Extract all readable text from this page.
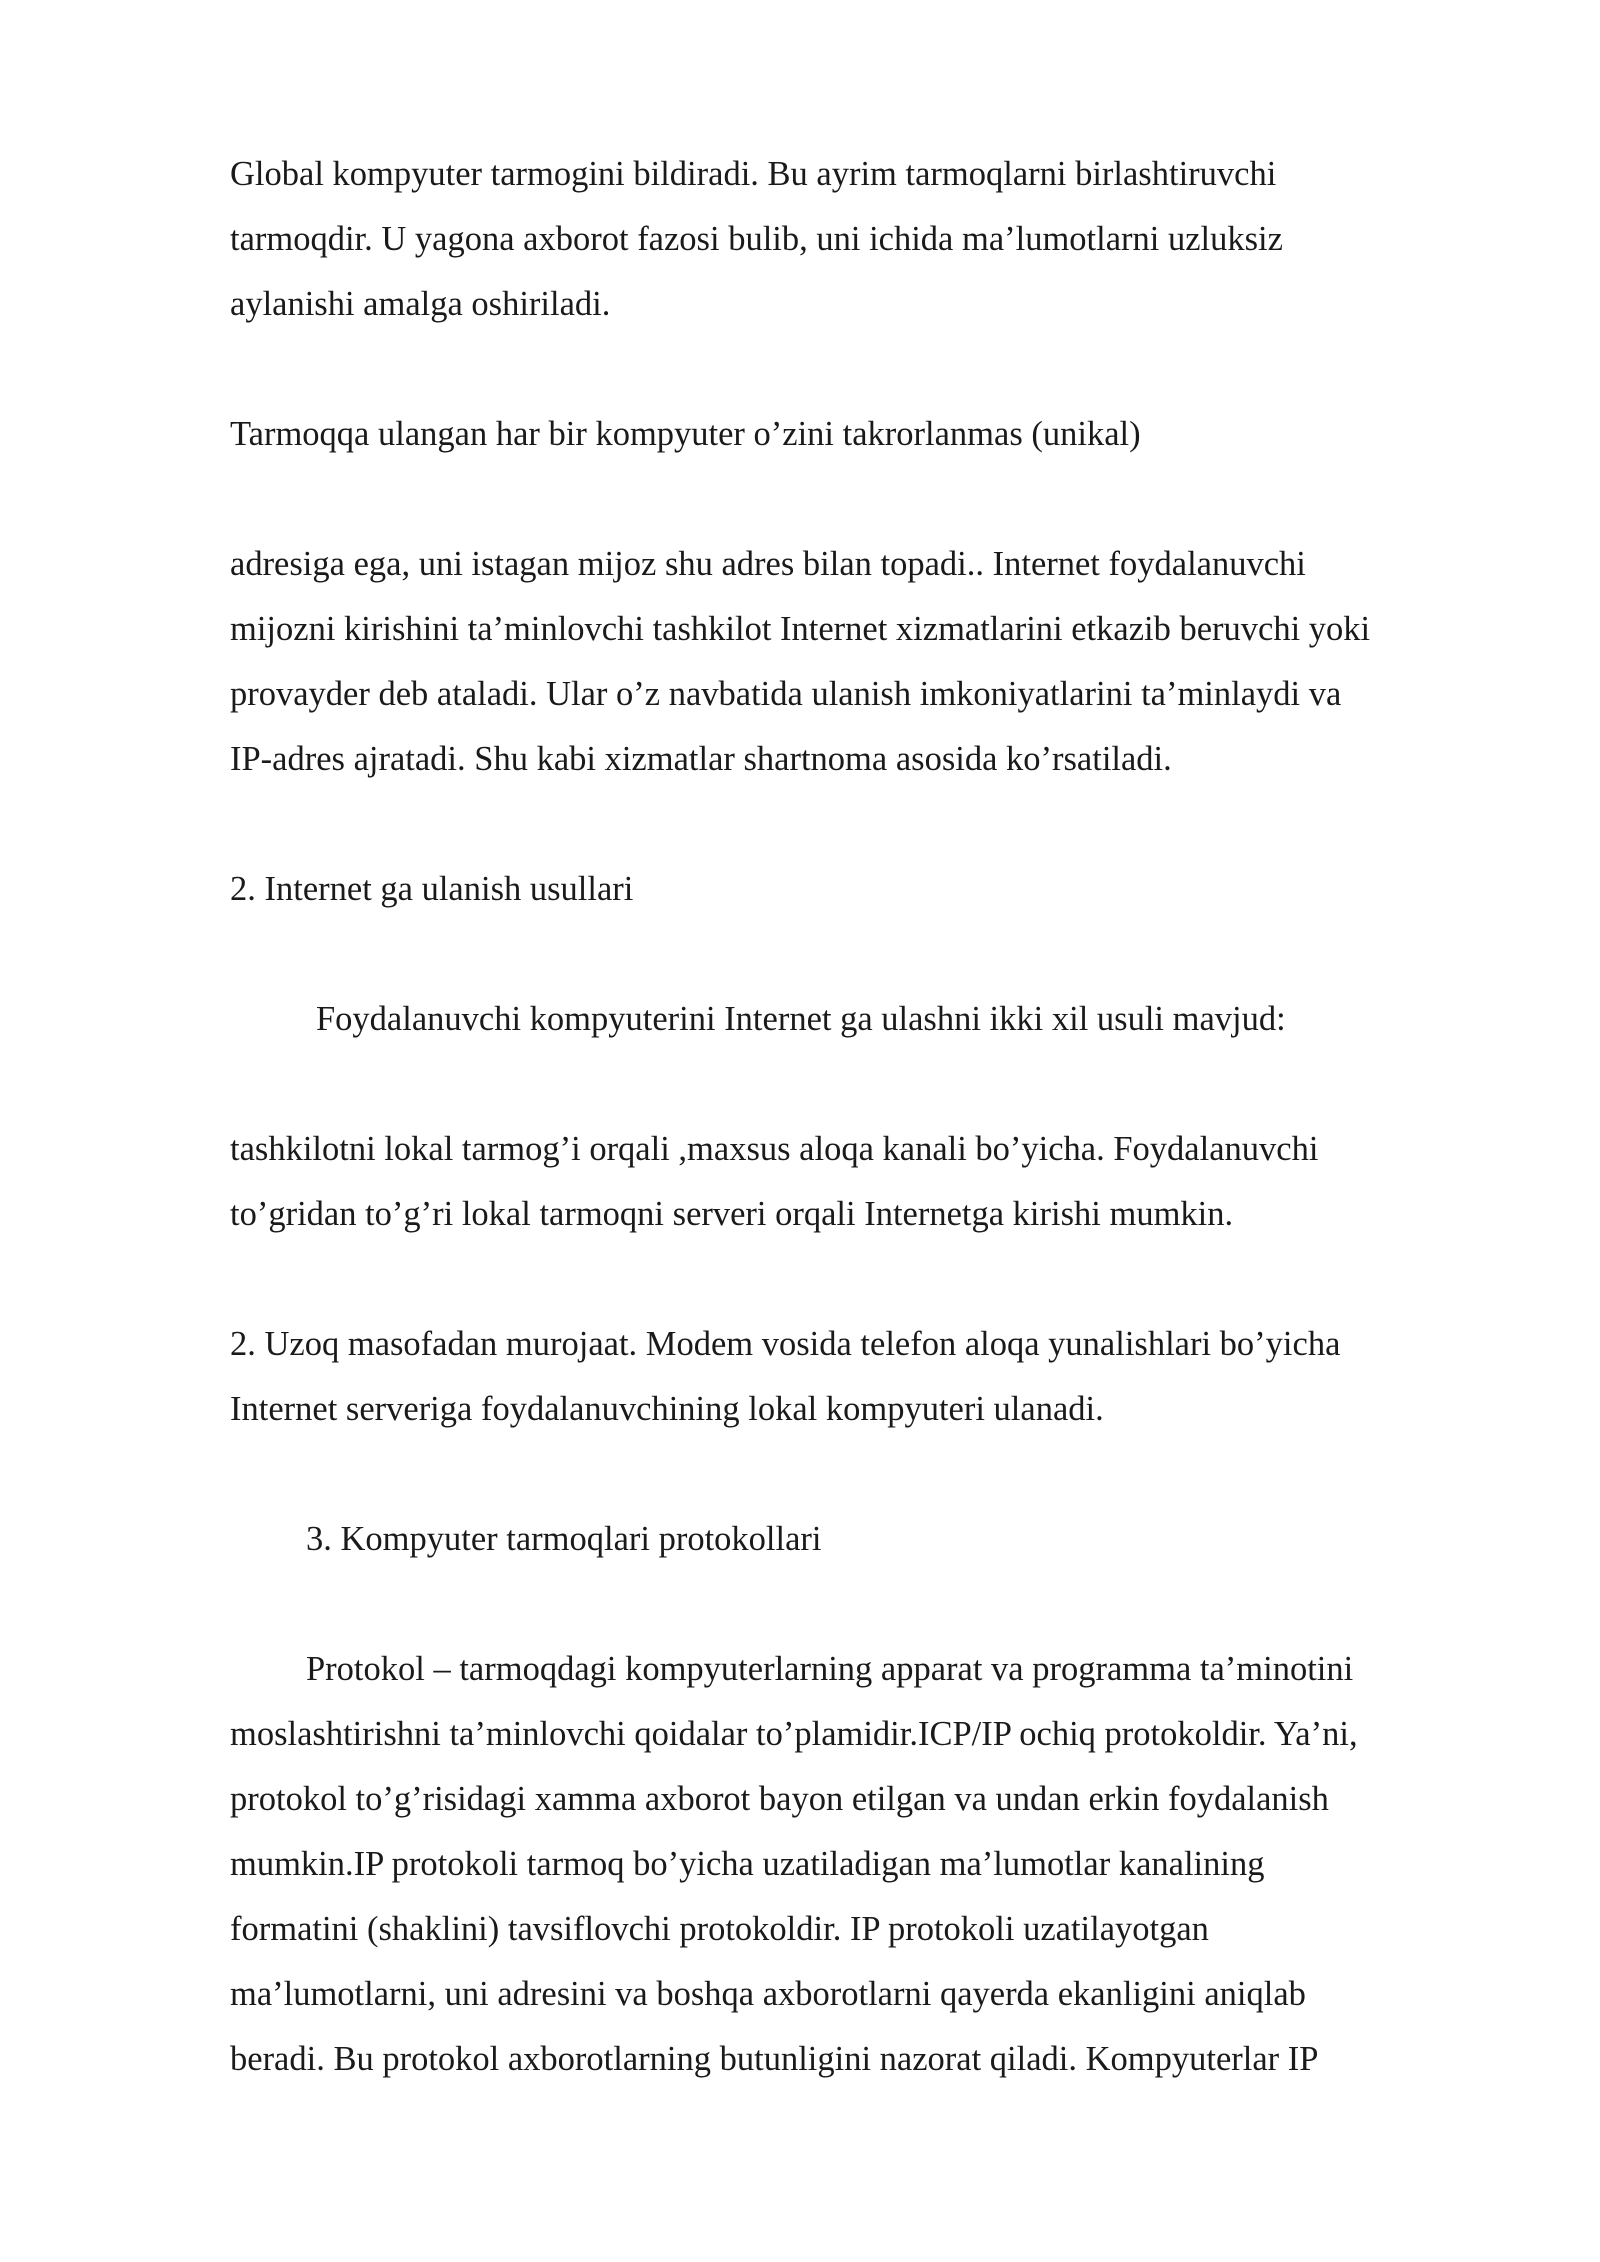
Global kompyuter tarmogini bildiradi. Bu ayrim tarmoqlarni birlashtiruvchi
tarmoqdir. U yagona axborot fazosi bulib, uni ichida ma’lumotlarni uzluksiz
aylanishi amalga oshiriladi.

Tarmoqqa ulangan har bir kompyuter o’zini takrorlanmas (unikal)

adresiga ega, uni istagan mijoz shu adres bilan topadi.. Internet foydalanuvchi
mijozni kirishini ta’minlovchi tashkilot Internet xizmatlarini etkazib beruvchi yoki
provayder deb ataladi. Ular o’z navbatida ulanish imkoniyatlarini ta’minlaydi va
IP-adres ajratadi. Shu kabi xizmatlar shartnoma asosida ko’rsatiladi.

2. Internet ga ulanish usullari

Foydalanuvchi kompyuterini Internet ga ulashni ikki xil usuli mavjud:

tashkilotni lokal tarmog’i orqali ,maxsus aloqa kanali bo’yicha. Foydalanuvchi
to’gridan to’g’ri lokal tarmoqni serveri orqali Internetga kirishi mumkin.

2. Uzoq masofadan murojaat. Modem vosida telefon aloqa yunalishlari bo’yicha
Internet serveriga foydalanuvchining lokal kompyuteri ulanadi.

3. Kompyuter tarmoqlari protokollari

Protokol – tarmoqdagi kompyuterlarning apparat va programma ta’minotini
moslashtirishni ta’minlovchi qoidalar to’plamidir.ICP/IP ochiq protokoldir. Ya’ni,
protokol to’g’risidagi xamma axborot bayon etilgan va undan erkin foydalanish
mumkin.IP protokoli tarmoq bo’yicha uzatiladigan ma’lumotlar kanalining
formatini (shaklini) tavsiflovchi protokoldir. IP protokoli uzatilayotgan
ma’lumotlarni, uni adresini va boshqa axborotlarni qayerda ekanligini aniqlab
beradi. Bu protokol axborotlarning butunligini nazorat qiladi. Kompyuterlar IP
